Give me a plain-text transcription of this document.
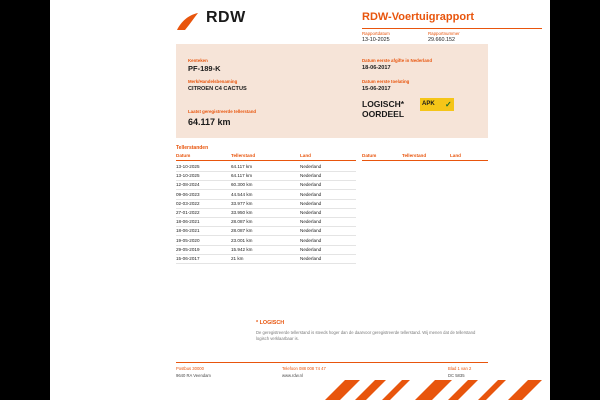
RDW	RDW-Voertuigrapport
Rapportdatum
13-10-2025
Rapportnummer
29.660.152
Kenteken
PF-189-K
Merk/Handelsbenaming
CITROEN C4 CACTUS
Laatst geregistreerde tellerstand
64.117 km
Datum eerste afgifte in Nederland
18-06-2017
Datum eerste toelating
15-06-2017
LOGISCH*
OORDEEL
APK ✓
Tellerstanden
Datum	Tellerstand	Land	Datum	Tellerstand	Land
13-10-2025	64.117 km	Nederland
13-10-2025	64.117 km	Nederland
12-08-2024	60.300 km	Nederland
09-06-2023	44.544 km	Nederland
02-03-2022	33.977 km	Nederland
27-01-2022	33.950 km	Nederland
18-06-2021	28.087 km	Nederland
18-06-2021	28.087 km	Nederland
19-05-2020	23.001 km	Nederland
29-05-2019	15.942 km	Nederland
15-06-2017	21 km	Nederland
* LOGISCH
De geregistreerde tellerstand is steeds hoger dan de daarvoor geregistreerde tellerstand. Wij menen dat de tellerstand logisch verklaarbaar is.
Postbus 30000
9640 RA Veendam
Telefoon 088 008 74 47
www.rdw.nl
Blad 1 van 2
DC 5835
